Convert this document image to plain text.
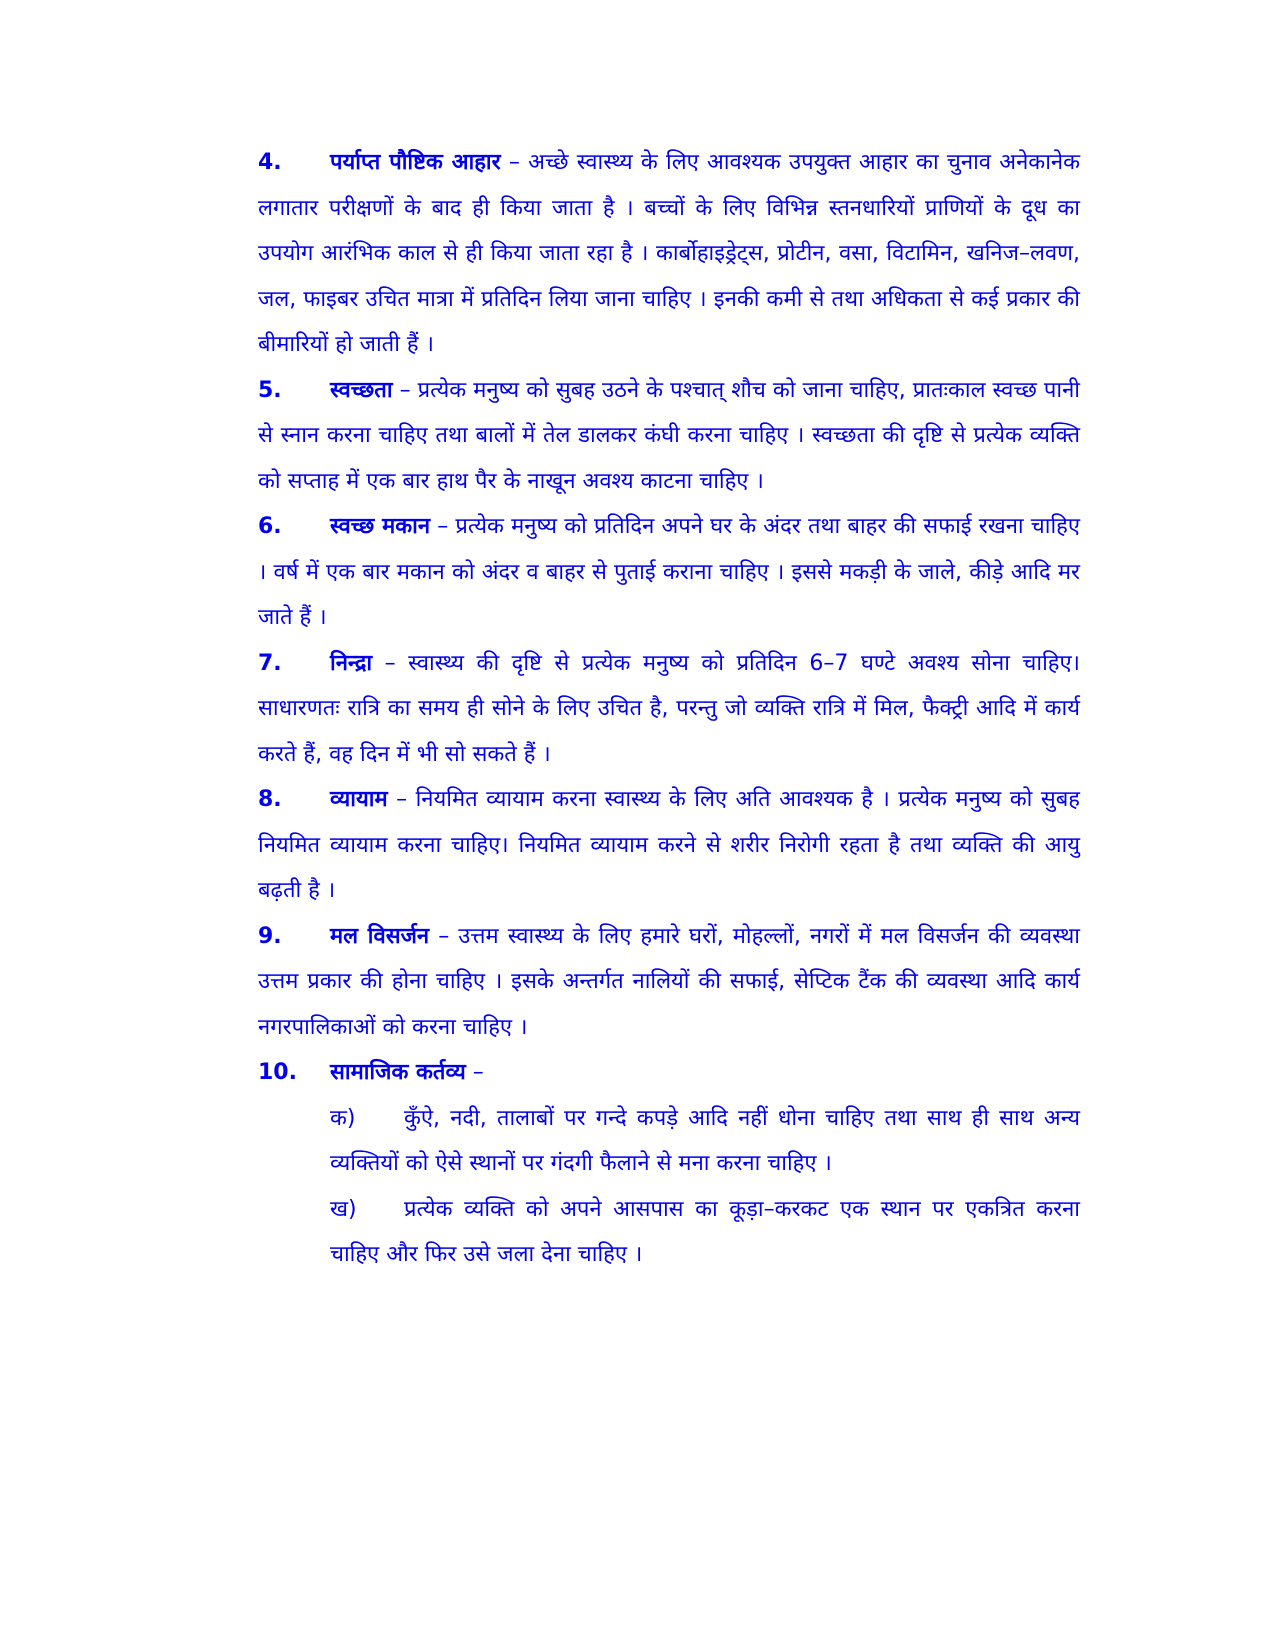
4. पर्याप्त पौष्टिक आहार – अच्छे स्वास्थ्य के लिए आवश्यक उपयुक्त आहार का चुनाव अनेकानेक लगातार परीक्षणों के बाद ही किया जाता है । बच्चों के लिए विभिन्न स्तनधारियों प्राणियों के दूध का उपयोग आरंभिक काल से ही किया जाता रहा है । कार्बोहाइड्रेट्स, प्रोटीन, वसा, विटामिन, खनिज–लवण, जल, फाइबर उचित मात्रा में प्रतिदिन लिया जाना चाहिए । इनकी कमी से तथा अधिकता से कई प्रकार की बीमारियों हो जाती हैं ।

5. स्वच्छता – प्रत्येक मनुष्य को सुबह उठने के पश्चात् शौच को जाना चाहिए, प्रातःकाल स्वच्छ पानी से स्नान करना चाहिए तथा बालों में तेल डालकर कंघी करना चाहिए । स्वच्छता की दृष्टि से प्रत्येक व्यक्ति को सप्ताह में एक बार हाथ पैर के नाखून अवश्य काटना चाहिए ।

6. स्वच्छ मकान – प्रत्येक मनुष्य को प्रतिदिन अपने घर के अंदर तथा बाहर की सफाई रखना चाहिए । वर्ष में एक बार मकान को अंदर व बाहर से पुताई कराना चाहिए । इससे मकड़ी के जाले, कीड़े आदि मर जाते हैं ।

7. निन्द्रा – स्वास्थ्य की दृष्टि से प्रत्येक मनुष्य को प्रतिदिन 6–7 घण्टे अवश्य सोना चाहिए। साधारणतः रात्रि का समय ही सोने के लिए उचित है, परन्तु जो व्यक्ति रात्रि में मिल, फैक्ट्री आदि में कार्य करते हैं, वह दिन में भी सो सकते हैं ।

8. व्यायाम – नियमित व्यायाम करना स्वास्थ्य के लिए अति आवश्यक है । प्रत्येक मनुष्य को सुबह नियमित व्यायाम करना चाहिए। नियमित व्यायाम करने से शरीर निरोगी रहता है तथा व्यक्ति की आयु बढ़ती है ।

9. मल विसर्जन – उत्तम स्वास्थ्य के लिए हमारे घरों, मोहल्लों, नगरों में मल विसर्जन की व्यवस्था उत्तम प्रकार की होना चाहिए । इसके अन्तर्गत नालियों की सफाई, सेप्टिक टैंक की व्यवस्था आदि कार्य नगरपालिकाओं को करना चाहिए ।

10. सामाजिक कर्तव्य –

क) कुँऐ, नदी, तालाबों पर गन्दे कपड़े आदि नहीं धोना चाहिए तथा साथ ही साथ अन्य व्यक्तियों को ऐसे स्थानों पर गंदगी फैलाने से मना करना चाहिए ।

ख) प्रत्येक व्यक्ति को अपने आसपास का कूड़ा–करकट एक स्थान पर एकत्रित करना चाहिए और फिर उसे जला देना चाहिए ।
